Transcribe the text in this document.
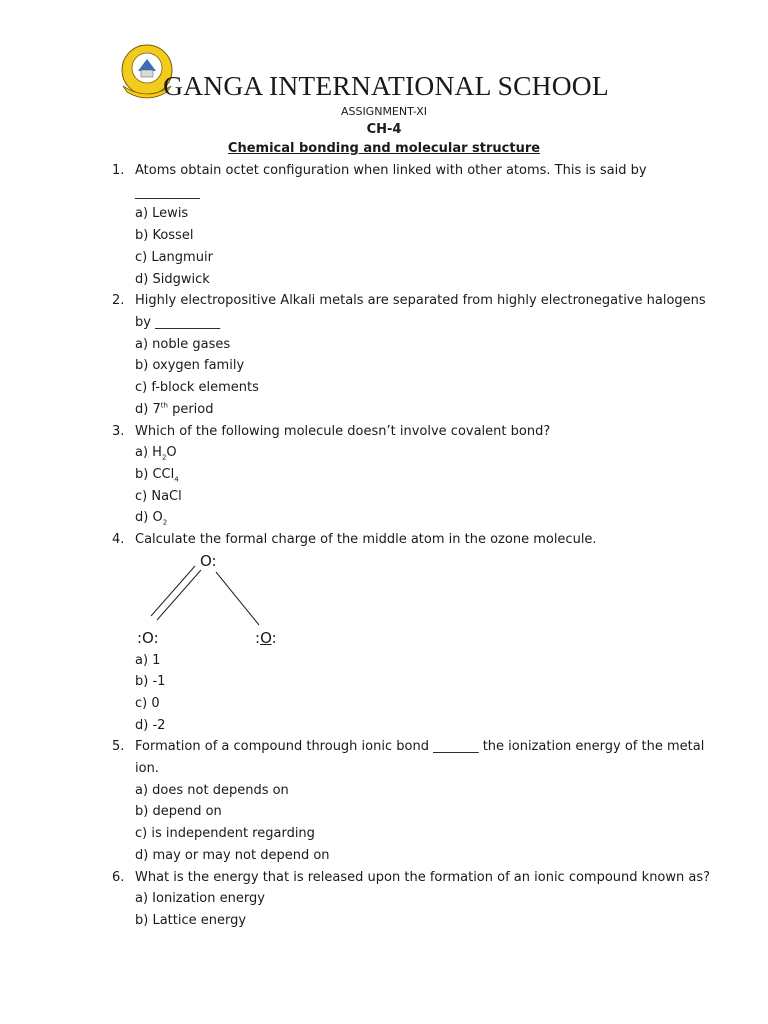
GANGA INTERNATIONAL SCHOOL
ASSIGNMENT-XI
CH-4
Chemical bonding and molecular structure
1. Atoms obtain octet configuration when linked with other atoms. This is said by
__________
a) Lewis
b) Kossel
c) Langmuir
d) Sidgwick
2. Highly electropositive Alkali metals are separated from highly electronegative halogens
by __________
a) noble gases
b) oxygen family
c) f-block elements
d) 7th period
3. Which of the following molecule doesn’t involve covalent bond?
a) $H_2O$
b) CCl$_4$
c) NaCl
d) $O_2$
4. Calculate the formal charge of the middle atom in the ozone molecule.
O:
:O:	:O:
a) 1
b) -1
c) 0
d) -2
5. Formation of a compound through ionic bond _______ the ionization energy of the metal
ion.
a) does not depends on
b) depend on
c) is independent regarding
d) may or may not depend on
6. What is the energy that is released upon the formation of an ionic compound known as?
a) Ionization energy
b) Lattice energy
